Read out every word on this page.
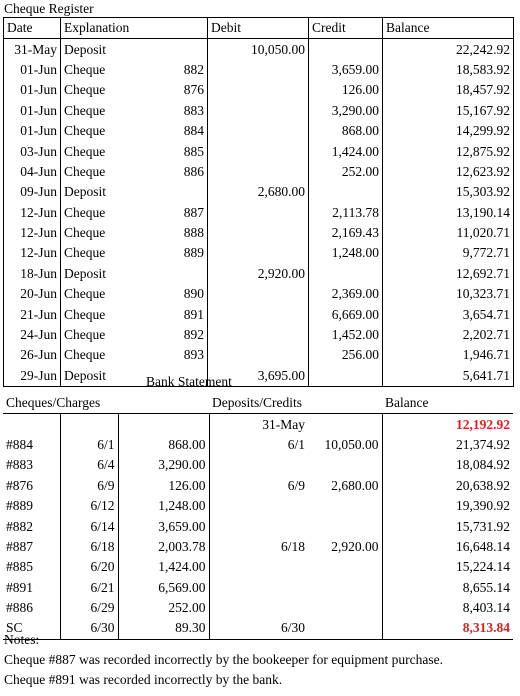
Cheque Register
Date	Explanation	Debit	Credit	Balance
31-May	Deposit	10,050.00		22,242.92
01-Jun	Cheque 882		3,659.00	18,583.92
01-Jun	Cheque 876		126.00	18,457.92
01-Jun	Cheque 883		3,290.00	15,167.92
01-Jun	Cheque 884		868.00	14,299.92
03-Jun	Cheque 885		1,424.00	12,875.92
04-Jun	Cheque 886		252.00	12,623.92
09-Jun	Deposit	2,680.00		15,303.92
12-Jun	Cheque 887		2,113.78	13,190.14
12-Jun	Cheque 888		2,169.43	11,020.71
12-Jun	Cheque 889		1,248.00	9,772.71
18-Jun	Deposit	2,920.00		12,692.71
20-Jun	Cheque 890		2,369.00	10,323.71
21-Jun	Cheque 891		6,669.00	3,654.71
24-Jun	Cheque 892		1,452.00	2,202.71
26-Jun	Cheque 893		256.00	1,946.71
29-Jun	Deposit	3,695.00		5,641.71
Bank Statement
Cheques/Charges			Deposits/Credits		Balance
			31-May		12,192.92
#884	6/1	868.00	6/1	10,050.00	21,374.92
#883	6/4	3,290.00			18,084.92
#876	6/9	126.00	6/9	2,680.00	20,638.92
#889	6/12	1,248.00			19,390.92
#882	6/14	3,659.00			15,731.92
#887	6/18	2,003.78	6/18	2,920.00	16,648.14
#885	6/20	1,424.00			15,224.14
#891	6/21	6,569.00			8,655.14
#886	6/29	252.00			8,403.14
SC	6/30	89.30	6/30		8,313.84
Notes:
Cheque #887 was recorded incorrectly by the bookeeper for equipment purchase.
Cheque #891 was recorded incorrectly by the bank.
